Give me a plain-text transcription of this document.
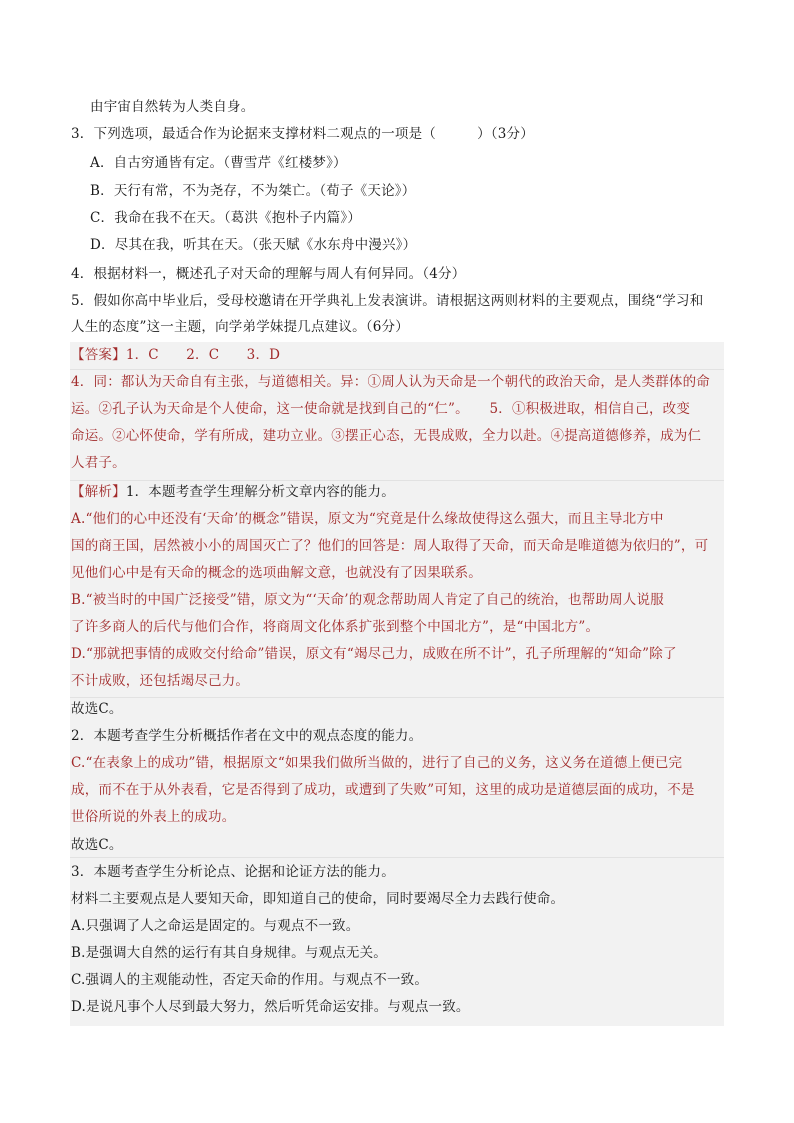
由宇宙自然转为人类自身。
3．下列选项，最适合作为论据来支撑材料二观点的一项是（　　　）（3分）
A．自古穷通皆有定。（曹雪芹《红楼梦》）
B．天行有常，不为尧存，不为桀亡。（荀子《天论》）
C．我命在我不在天。（葛洪《抱朴子内篇》）
D．尽其在我，听其在天。（张天赋《水东舟中漫兴》）
4．根据材料一，概述孔子对天命的理解与周人有何异同。（4分）
5．假如你高中毕业后，受母校邀请在开学典礼上发表演讲。请根据这两则材料的主要观点，围绕“学习和
人生的态度”这一主题，向学弟学妹提几点建议。（6分）
【答案】1．C　　2．C　　3．D
4．同：都认为天命自有主张，与道德相关。异：①周人认为天命是一个朝代的政治天命，是人类群体的命
运。②孔子认为天命是个人使命，这一使命就是找到自己的“仁”。　　5．①积极进取，相信自己，改变
命运。②心怀使命，学有所成，建功立业。③摆正心态，无畏成败，全力以赴。④提高道德修养，成为仁
人君子。
【解析】1．本题考查学生理解分析文章内容的能力。
A.“他们的心中还没有‘天命’的概念”错误，原文为“究竟是什么缘故使得这么强大，而且主导北方中
国的商王国，居然被小小的周国灭亡了？他们的回答是：周人取得了天命，而天命是唯道德为依归的”，可
见他们心中是有天命的概念的选项曲解文意，也就没有了因果联系。
B.“被当时的中国广泛接受”错，原文为“‘天命’的观念帮助周人肯定了自己的统治，也帮助周人说服
了许多商人的后代与他们合作，将商周文化体系扩张到整个中国北方”，是“中国北方”。
D.“那就把事情的成败交付给命”错误，原文有“竭尽己力，成败在所不计”，孔子所理解的“知命”除了
不计成败，还包括竭尽己力。
故选C。
2．本题考查学生分析概括作者在文中的观点态度的能力。
C.“在表象上的成功”错，根据原文“如果我们做所当做的，进行了自己的义务，这义务在道德上便已完
成，而不在于从外表看，它是否得到了成功，或遭到了失败”可知，这里的成功是道德层面的成功，不是
世俗所说的外表上的成功。
故选C。
3．本题考查学生分析论点、论据和论证方法的能力。
材料二主要观点是人要知天命，即知道自己的使命，同时要竭尽全力去践行使命。
A.只强调了人之命运是固定的。与观点不一致。
B.是强调大自然的运行有其自身规律。与观点无关。
C.强调人的主观能动性，否定天命的作用。与观点不一致。
D.是说凡事个人尽到最大努力，然后听凭命运安排。与观点一致。
